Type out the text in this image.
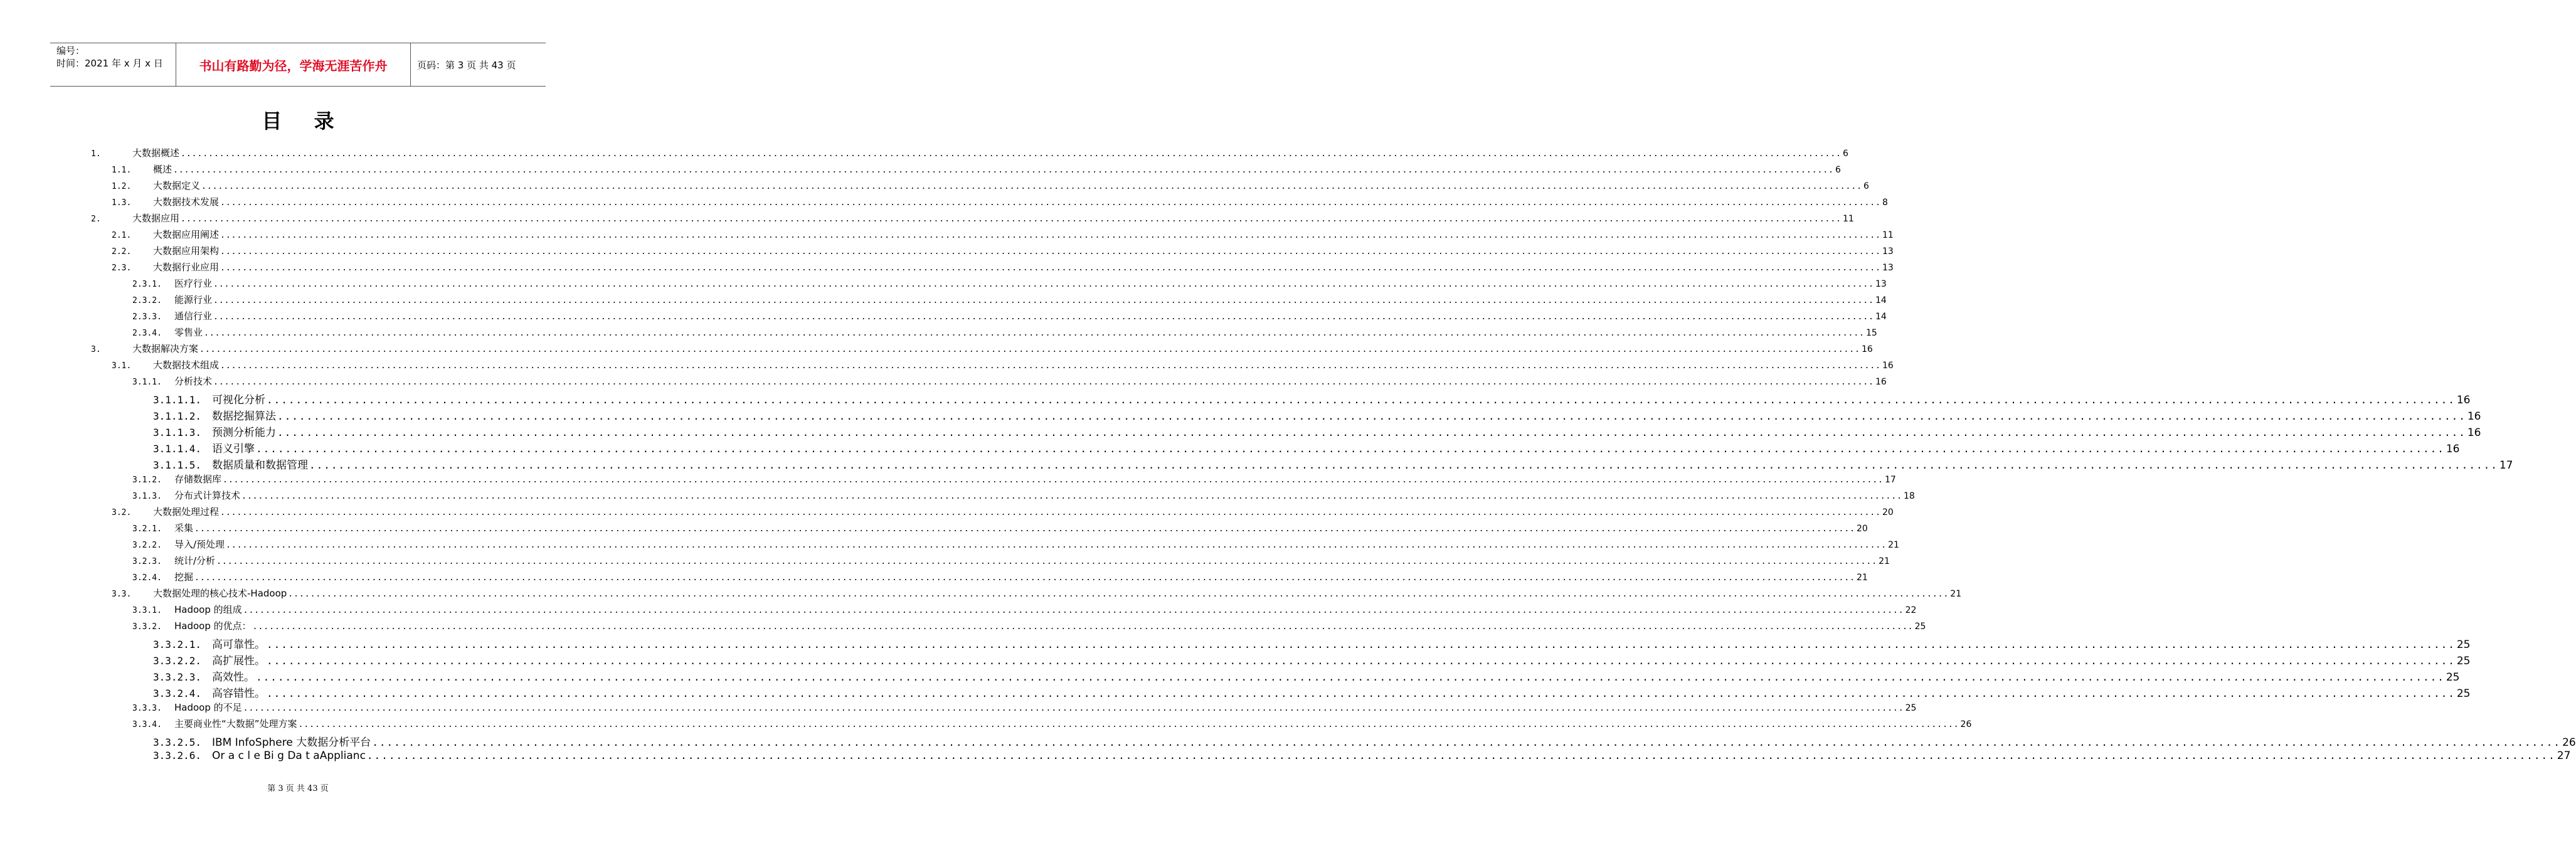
编号：
时间：2021 年 x 月 x 日	书山有路勤为径，学海无涯苦作舟	页码：第 3 页 共 43 页
目 录
1.	大数据概述 ............................................................................................................................................................................................................................................................................................................ 6
1.1.	概述 ............................................................................................................................................................................................................................................................................................................ 6
1.2.	大数据定义 ............................................................................................................................................................................................................................................................................................................ 6
1.3.	大数据技术发展 ............................................................................................................................................................................................................................................................................................................ 8
2.	大数据应用 ............................................................................................................................................................................................................................................................................................................ 11
2.1.	大数据应用阐述 ............................................................................................................................................................................................................................................................................................................ 11
2.2.	大数据应用架构 ............................................................................................................................................................................................................................................................................................................ 13
2.3.	大数据行业应用 ............................................................................................................................................................................................................................................................................................................ 13
2.3.1.	医疗行业 ............................................................................................................................................................................................................................................................................................................ 13
2.3.2.	能源行业 ............................................................................................................................................................................................................................................................................................................ 14
2.3.3.	通信行业 ............................................................................................................................................................................................................................................................................................................ 14
2.3.4.	零售业 ............................................................................................................................................................................................................................................................................................................ 15
3.	大数据解决方案 ............................................................................................................................................................................................................................................................................................................ 16
3.1.	大数据技术组成 ............................................................................................................................................................................................................................................................................................................ 16
3.1.1.	分析技术 ............................................................................................................................................................................................................................................................................................................ 16
3.1.1.1. 可视化分析 ............................................................................................................................................................................................................................................................................................................ 16
3.1.1.2. 数据挖掘算法 ............................................................................................................................................................................................................................................................................................................ 16
3.1.1.3. 预测分析能力 ............................................................................................................................................................................................................................................................................................................ 16
3.1.1.4. 语义引擎 ............................................................................................................................................................................................................................................................................................................ 16
3.1.1.5. 数据质量和数据管理 ............................................................................................................................................................................................................................................................................................................ 17
3.1.2.	存储数据库 ............................................................................................................................................................................................................................................................................................................ 17
3.1.3.	分布式计算技术 ............................................................................................................................................................................................................................................................................................................ 18
3.2.	大数据处理过程 ............................................................................................................................................................................................................................................................................................................ 20
3.2.1.	采集 ............................................................................................................................................................................................................................................................................................................ 20
3.2.2.	导入/预处理 ............................................................................................................................................................................................................................................................................................................ 21
3.2.3.	统计/分析 ............................................................................................................................................................................................................................................................................................................ 21
3.2.4.	挖掘 ............................................................................................................................................................................................................................................................................................................ 21
3.3.	大数据处理的核心技术-Hadoop ............................................................................................................................................................................................................................................................................................................ 21
3.3.1.	Hadoop 的组成 ............................................................................................................................................................................................................................................................................................................ 22
3.3.2.	Hadoop 的优点： ............................................................................................................................................................................................................................................................................................................ 25
3.3.2.1. 高可靠性。 ............................................................................................................................................................................................................................................................................................................ 25
3.3.2.2. 高扩展性。 ............................................................................................................................................................................................................................................................................................................ 25
3.3.2.3. 高效性。 ............................................................................................................................................................................................................................................................................................................ 25
3.3.2.4. 高容错性。 ............................................................................................................................................................................................................................................................................................................ 25
3.3.3.	Hadoop 的不足 ............................................................................................................................................................................................................................................................................................................ 25
3.3.4.	主要商业性“大数据”处理方案 ............................................................................................................................................................................................................................................................................................................ 26
3.3.2.5. IBM InfoSphere 大数据分析平台 ............................................................................................................................................................................................................................................................................................................ 26
3.3.2.6. Or a c l e Bi g Da t aApplianc ............................................................................................................................................................................................................................................................................................................ 27
第 3 页 共 43 页
